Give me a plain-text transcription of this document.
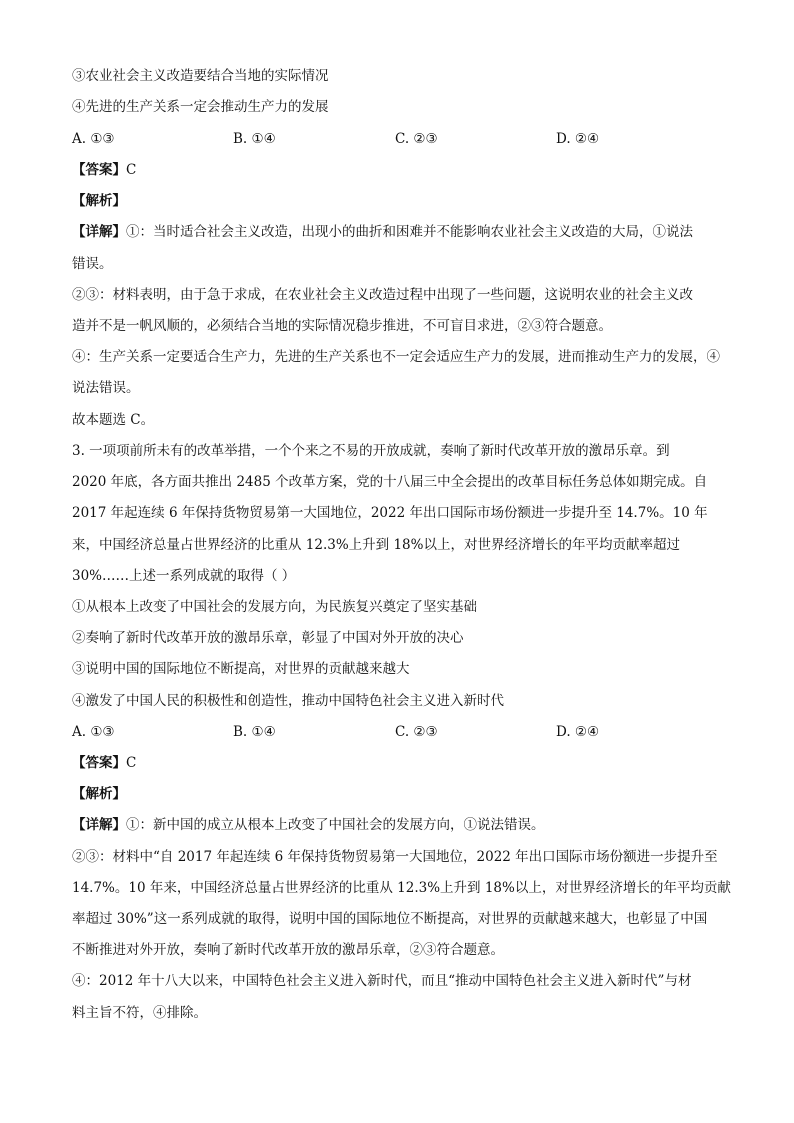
③农业社会主义改造要结合当地的实际情况
④先进的生产关系一定会推动生产力的发展
A. ①③	B. ①④	C. ②③	D. ②④
【答案】C
【解析】
【详解】①：当时适合社会主义改造，出现小的曲折和困难并不能影响农业社会主义改造的大局，①说法
错误。
②③：材料表明，由于急于求成，在农业社会主义改造过程中出现了一些问题，这说明农业的社会主义改
造并不是一帆风顺的，必须结合当地的实际情况稳步推进，不可盲目求进，②③符合题意。
④：生产关系一定要适合生产力，先进的生产关系也不一定会适应生产力的发展，进而推动生产力的发展，④
说法错误。
故本题选 C。
3. 一项项前所未有的改革举措，一个个来之不易的开放成就，奏响了新时代改革开放的激昂乐章。到
2020 年底，各方面共推出 2485 个改革方案，党的十八届三中全会提出的改革目标任务总体如期完成。自
2017 年起连续 6 年保持货物贸易第一大国地位，2022 年出口国际市场份额进一步提升至 14.7%。10 年
来，中国经济总量占世界经济的比重从 12.3%上升到 18%以上，对世界经济增长的年平均贡献率超过
30%……上述一系列成就的取得（ ）
①从根本上改变了中国社会的发展方向，为民族复兴奠定了坚实基础
②奏响了新时代改革开放的激昂乐章，彰显了中国对外开放的决心
③说明中国的国际地位不断提高，对世界的贡献越来越大
④激发了中国人民的积极性和创造性，推动中国特色社会主义进入新时代
A. ①③	B. ①④	C. ②③	D. ②④
【答案】C
【解析】
【详解】①：新中国的成立从根本上改变了中国社会的发展方向，①说法错误。
②③：材料中“自 2017 年起连续 6 年保持货物贸易第一大国地位，2022 年出口国际市场份额进一步提升至
14.7%。10 年来，中国经济总量占世界经济的比重从 12.3%上升到 18%以上，对世界经济增长的年平均贡献
率超过 30%”这一系列成就的取得，说明中国的国际地位不断提高，对世界的贡献越来越大，也彰显了中国
不断推进对外开放，奏响了新时代改革开放的激昂乐章，②③符合题意。
④：2012 年十八大以来，中国特色社会主义进入新时代，而且“推动中国特色社会主义进入新时代”与材
料主旨不符，④排除。
